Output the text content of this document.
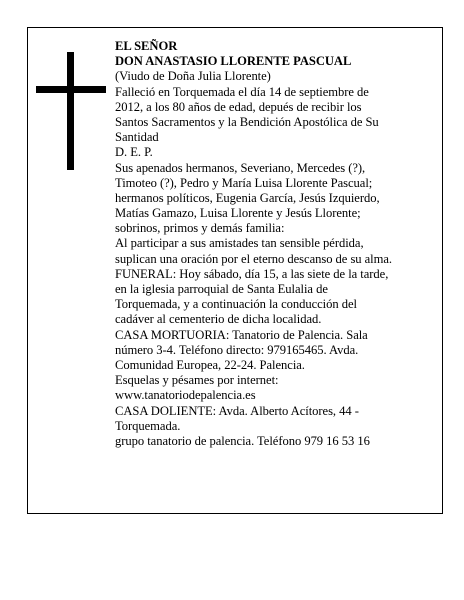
EL SEÑOR
DON ANASTASIO LLORENTE PASCUAL
(Viudo de Doña Julia Llorente)
Falleció en Torquemada el día 14 de septiembre de
2012, a los 80 años de edad, depués de recibir los
Santos Sacramentos y la Bendición Apostólica de Su
Santidad
D. E. P.
Sus apenados hermanos, Severiano, Mercedes (?),
Timoteo (?), Pedro y María Luisa Llorente Pascual;
hermanos políticos, Eugenia García, Jesús Izquierdo,
Matías Gamazo, Luisa Llorente y Jesús Llorente;
sobrinos, primos y demás familia:
Al participar a sus amistades tan sensible pérdida,
suplican una oración por el eterno descanso de su alma.
FUNERAL: Hoy sábado, día 15, a las siete de la tarde,
en la iglesia parroquial de Santa Eulalia de
Torquemada, y a continuación la conducción del
cadáver al cementerio de dicha localidad.
CASA MORTUORIA: Tanatorio de Palencia. Sala
número 3-4. Teléfono directo: 979165465. Avda.
Comunidad Europea, 22-24. Palencia.
Esquelas y pésames por internet:
www.tanatoriodepalencia.es
CASA DOLIENTE: Avda. Alberto Acítores, 44 -
Torquemada.
grupo tanatorio de palencia. Teléfono 979 16 53 16
